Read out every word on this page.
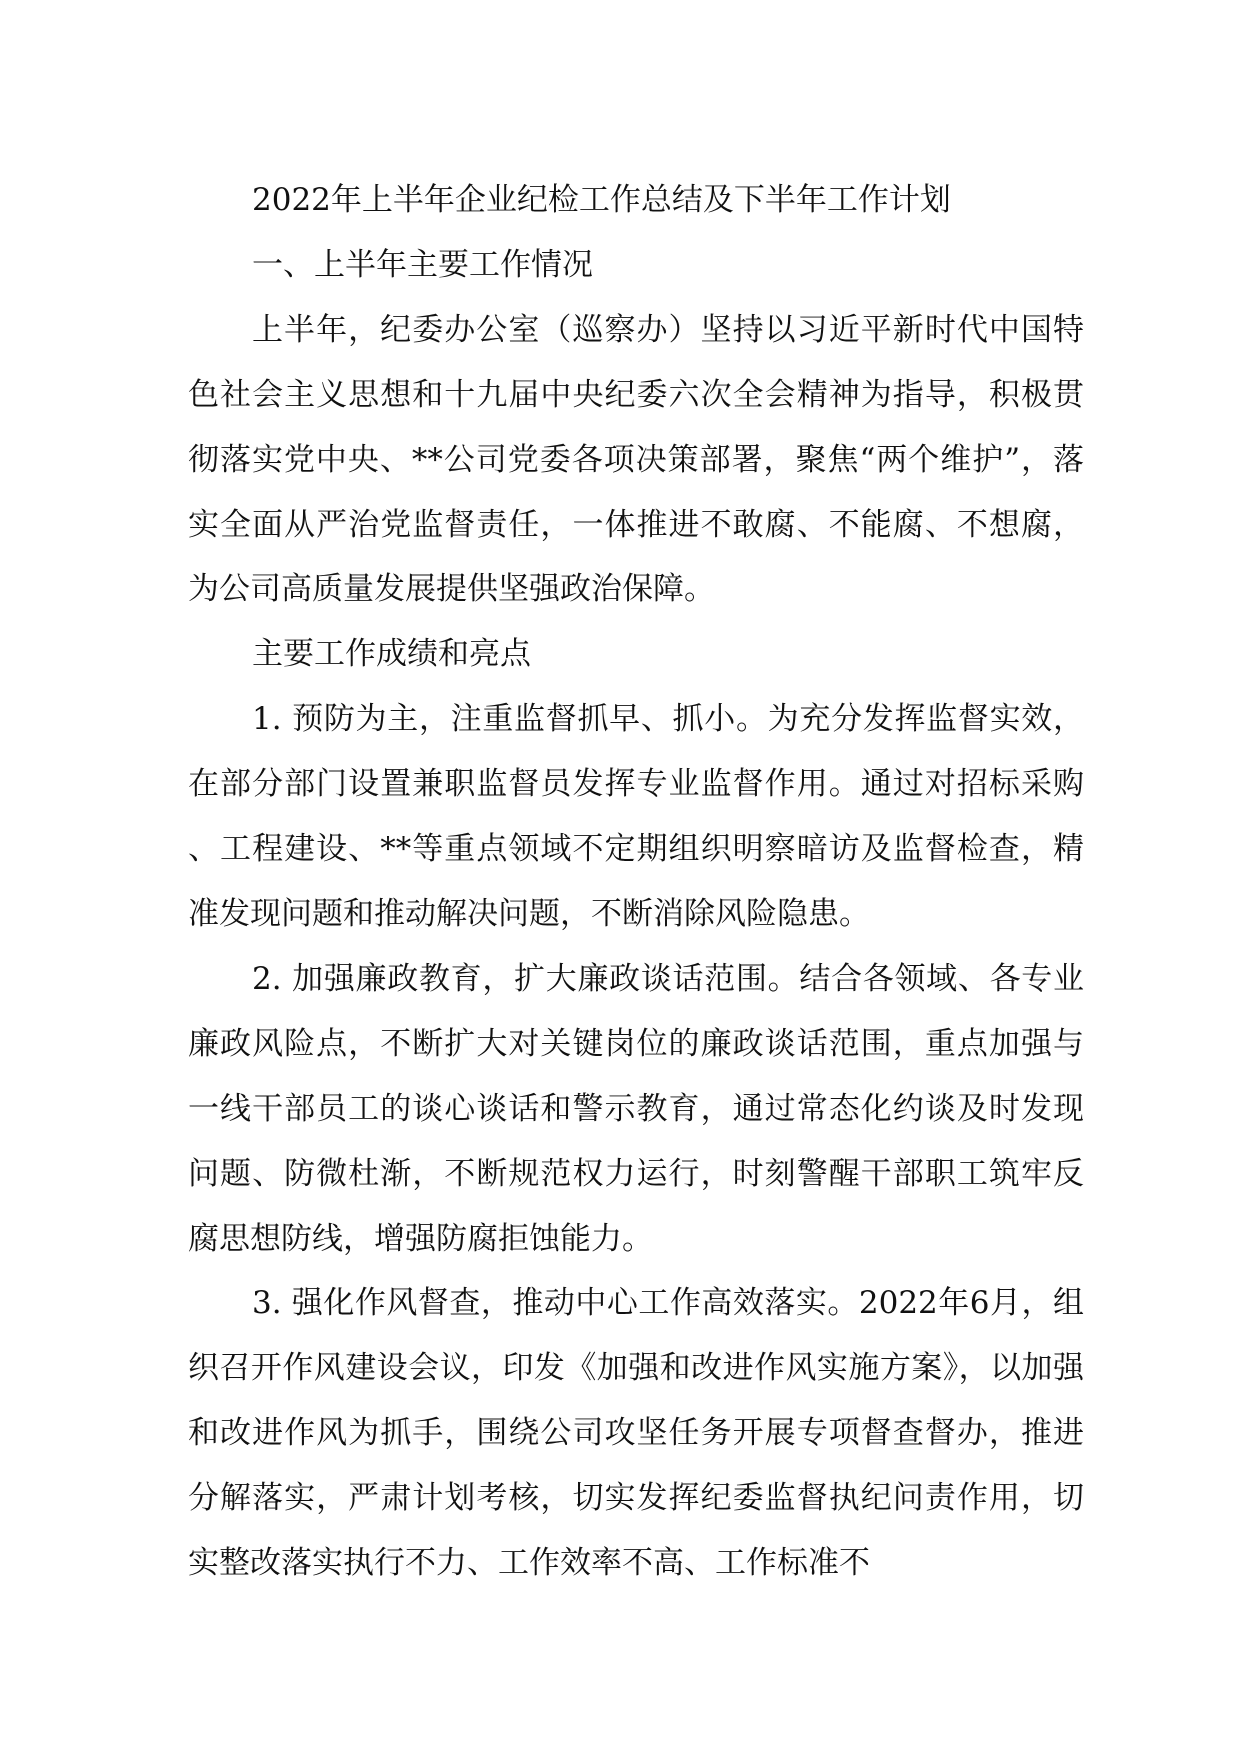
2022年上半年企业纪检工作总结及下半年工作计划

一、上半年主要工作情况

上半年，纪委办公室（巡察办）坚持以习近平新时代中国特色社会主义思想和十九届中央纪委六次全会精神为指导，积极贯彻落实党中央、**公司党委各项决策部署，聚焦“两个维护”，落实全面从严治党监督责任，一体推进不敢腐、不能腐、不想腐，为公司高质量发展提供坚强政治保障。

主要工作成绩和亮点

1. 预防为主，注重监督抓早、抓小。为充分发挥监督实效，在部分部门设置兼职监督员发挥专业监督作用。通过对招标采购、工程建设、**等重点领域不定期组织明察暗访及监督检查，精准发现问题和推动解决问题，不断消除风险隐患。

2. 加强廉政教育，扩大廉政谈话范围。结合各领域、各专业廉政风险点，不断扩大对关键岗位的廉政谈话范围，重点加强与一线干部员工的谈心谈话和警示教育，通过常态化约谈及时发现问题、防微杜渐，不断规范权力运行，时刻警醒干部职工筑牢反腐思想防线，增强防腐拒蚀能力。

3. 强化作风督查，推动中心工作高效落实。2022年6月，组织召开作风建设会议，印发《加强和改进作风实施方案》，以加强和改进作风为抓手，围绕公司攻坚任务开展专项督查督办，推进分解落实，严肃计划考核，切实发挥纪委监督执纪问责作用，切实整改落实执行不力、工作效率不高、工作标准不
